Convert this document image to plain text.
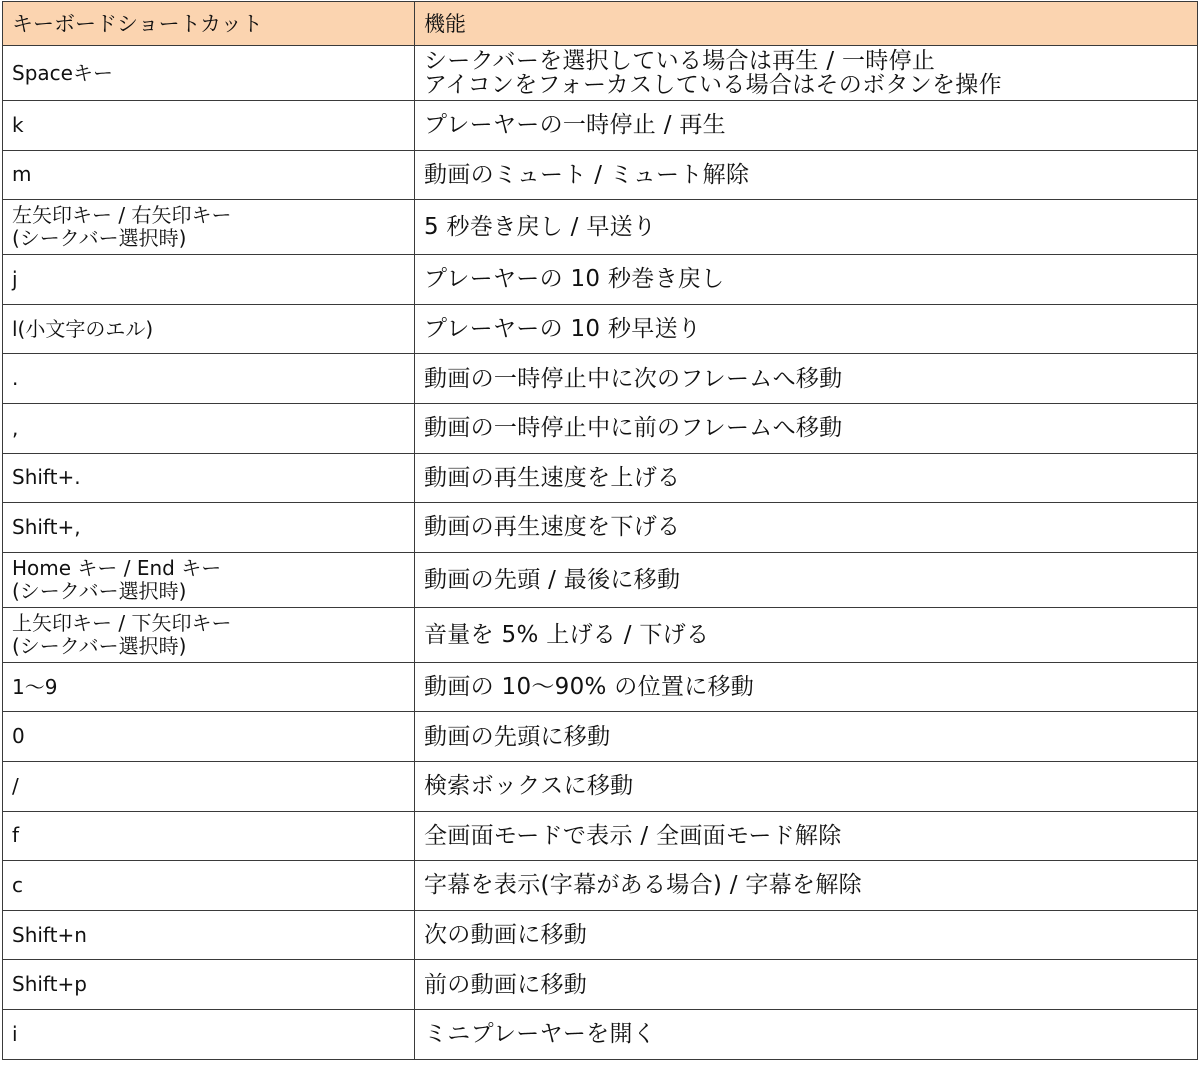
キーボードショートカット	機能
Spaceキー	シークバーを選択している場合は再生 / 一時停止
アイコンをフォーカスしている場合はそのボタンを操作
k	プレーヤーの一時停止 / 再生
m	動画のミュート / ミュート解除
左矢印キー / 右矢印キー
(シークバー選択時)	5 秒巻き戻し / 早送り
j	プレーヤーの 10 秒巻き戻し
l(小文字のエル)	プレーヤーの 10 秒早送り
.	動画の一時停止中に次のフレームへ移動
,	動画の一時停止中に前のフレームへ移動
Shift+.	動画の再生速度を上げる
Shift+,	動画の再生速度を下げる
Home キー / End キー
(シークバー選択時)	動画の先頭 / 最後に移動
上矢印キー / 下矢印キー
(シークバー選択時)	音量を 5% 上げる / 下げる
1〜9	動画の 10〜90% の位置に移動
0	動画の先頭に移動
/	検索ボックスに移動
f	全画面モードで表示 / 全画面モード解除
c	字幕を表示(字幕がある場合) / 字幕を解除
Shift+n	次の動画に移動
Shift+p	前の動画に移動
i	ミニプレーヤーを開く
